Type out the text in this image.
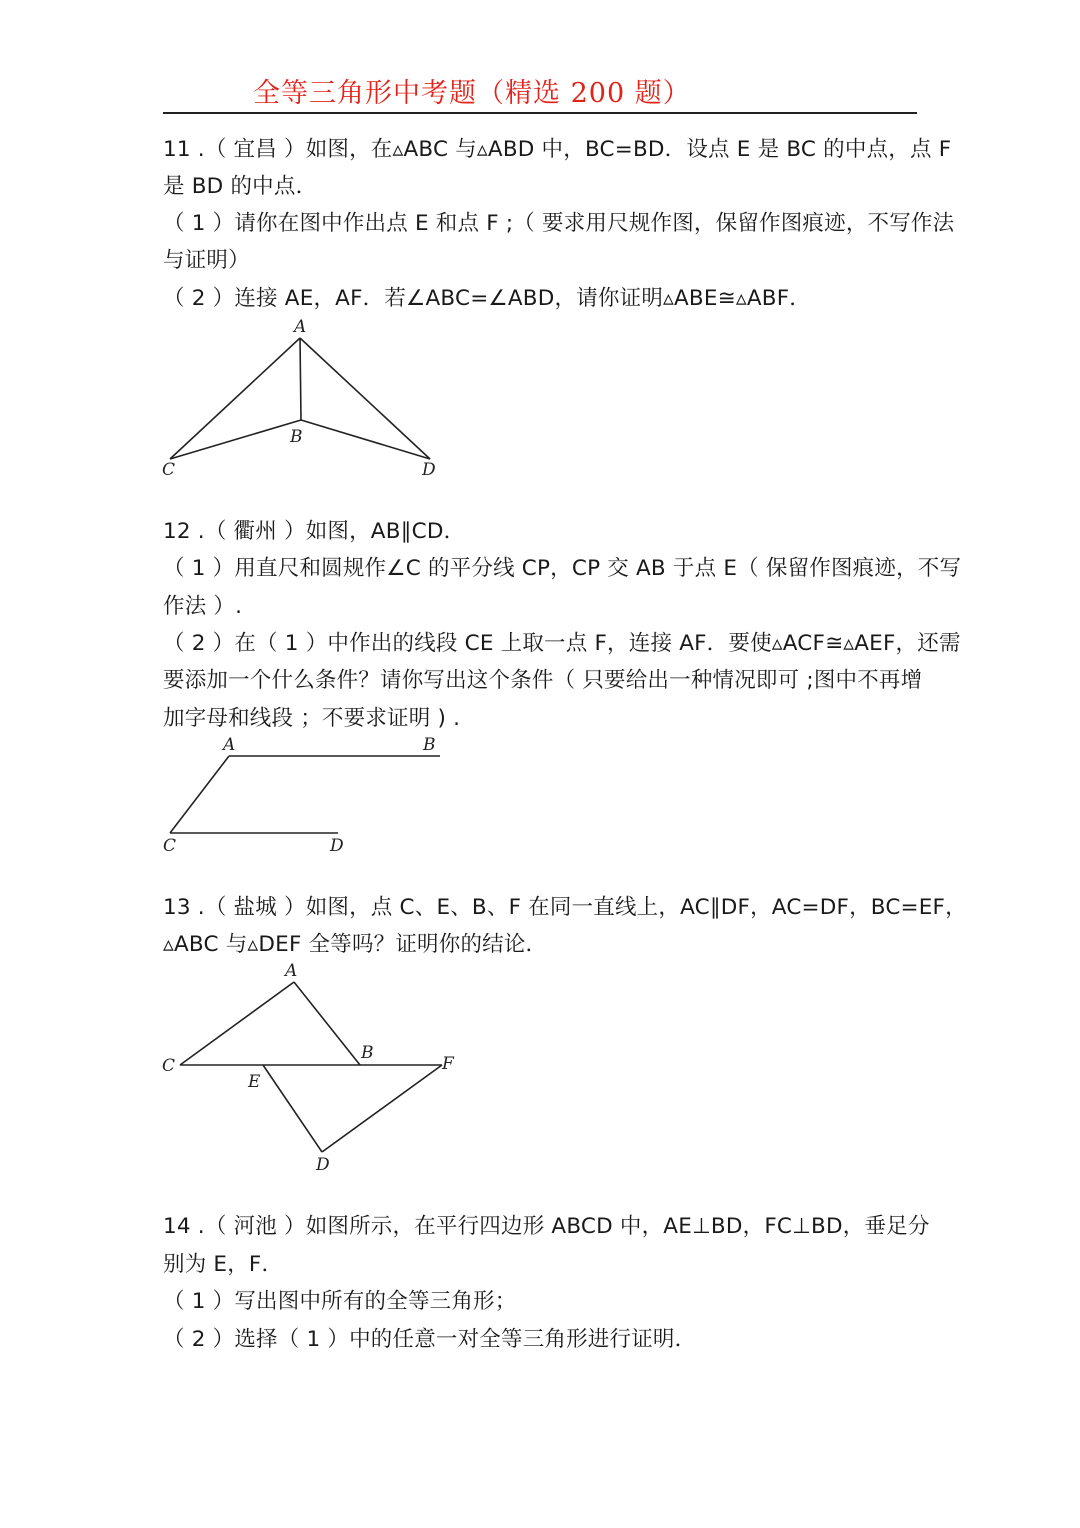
全等三角形中考题（精选 200 题）
11 .（ 宜昌 ）如图，在▵ABC 与▵ABD 中，BC=BD．设点 E 是 BC 的中点，点 F
是 BD 的中点．
（ 1 ）请你在图中作出点 E 和点 F ;（ 要求用尺规作图，保留作图痕迹，不写作法
与证明）
（ 2 ）连接 AE，AF．若∠ABC=∠ABD，请你证明▵ABE≅▵ABF．
A
B
C	D
12 .（ 衢州 ）如图，AB∥CD．
（ 1 ）用直尺和圆规作∠C 的平分线 CP，CP 交 AB 于点 E（ 保留作图痕迹，不写
作法 ）.
（ 2 ）在（ 1 ）中作出的线段 CE 上取一点 F，连接 AF．要使▵ACF≅▵AEF，还需
要添加一个什么条件？请你写出这个条件（ 只要给出一种情况即可 ;图中不再增
加字母和线段 ；不要求证明 ) .
A	B
C	D
13 .（ 盐城 ）如图，点 C、E、B、F 在同一直线上，AC∥DF，AC=DF，BC=EF，
▵ABC 与▵DEF 全等吗？证明你的结论．
A
B
C
D
E
F
14 .（ 河池 ）如图所示，在平行四边形 ABCD 中，AE⊥BD，FC⊥BD，垂足分
别为 E，F．
（ 1 ）写出图中所有的全等三角形；
（ 2 ）选择（ 1 ）中的任意一对全等三角形进行证明．
